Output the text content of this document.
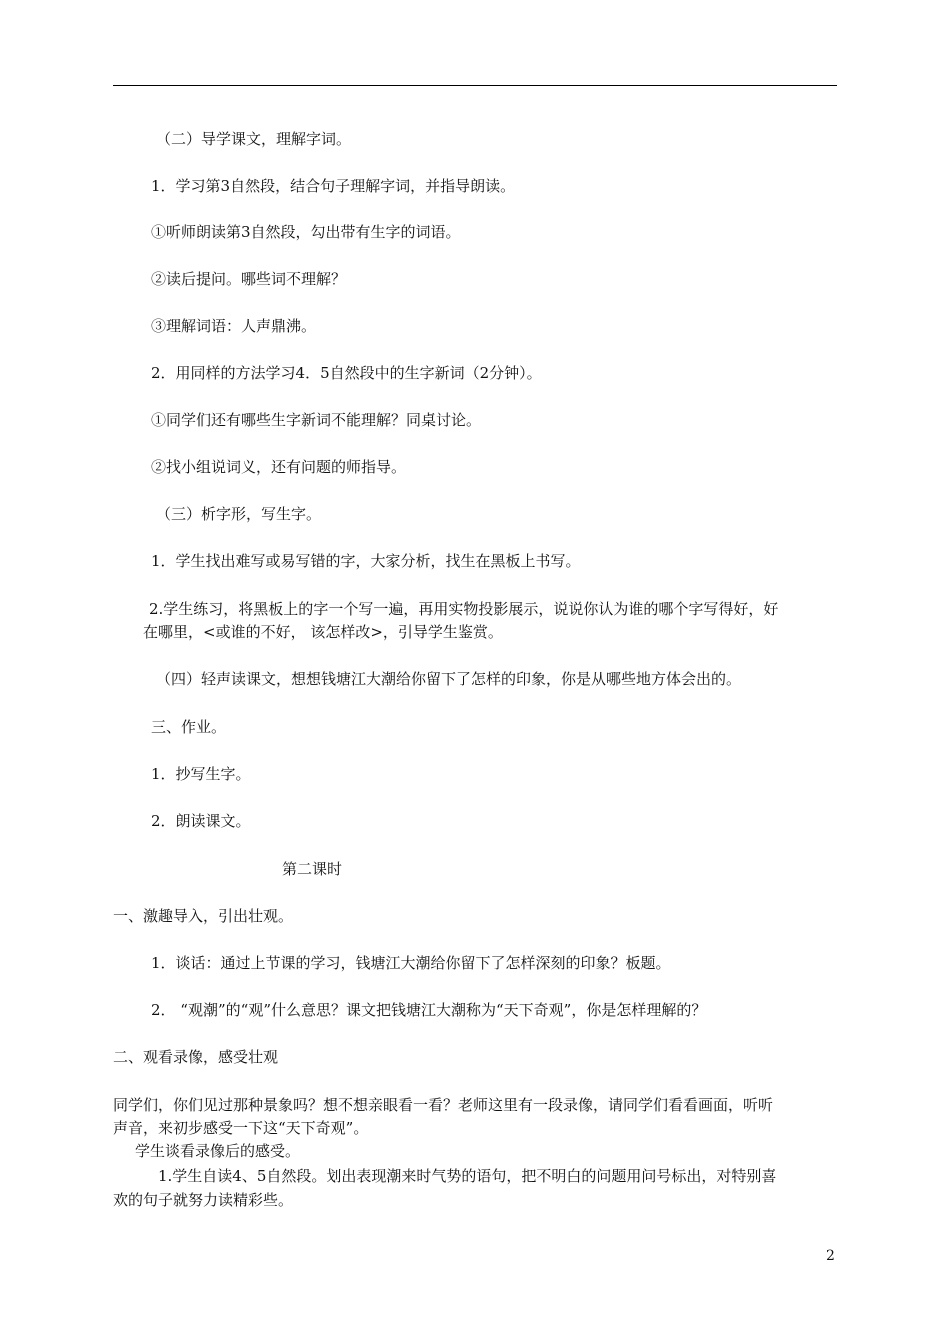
（二）导学课文，理解字词。
1．学习第3自然段，结合句子理解字词，并指导朗读。
①听师朗读第3自然段，勾出带有生字的词语。
②读后提问。哪些词不理解？
③理解词语：人声鼎沸。
2．用同样的方法学习4．5自然段中的生字新词（2分钟）。
①同学们还有哪些生字新词不能理解？同桌讨论。
②找小组说词义，还有问题的师指导。
（三）析字形，写生字。
1．学生找出难写或易写错的字，大家分析，找生在黑板上书写。
2.学生练习，将黑板上的字一个写一遍，再用实物投影展示，说说你认为谁的哪个字写得好，好
在哪里，<或谁的不好， 该怎样改>，引导学生鉴赏。
（四）轻声读课文，想想钱塘江大潮给你留下了怎样的印象，你是从哪些地方体会出的。
三、作业。
1．抄写生字。
2．朗读课文。
第二课时
一、激趣导入，引出壮观。
1．谈话：通过上节课的学习，钱塘江大潮给你留下了怎样深刻的印象？板题。
2． “观潮”的“观”什么意思？课文把钱塘江大潮称为“天下奇观”，你是怎样理解的？
二、观看录像，感受壮观
同学们，你们见过那种景象吗？想不想亲眼看一看？老师这里有一段录像，请同学们看看画面，听听
声音，来初步感受一下这“天下奇观”。
学生谈看录像后的感受。
1.学生自读4、5自然段。划出表现潮来时气势的语句，把不明白的问题用问号标出，对特别喜
欢的句子就努力读精彩些。
2
